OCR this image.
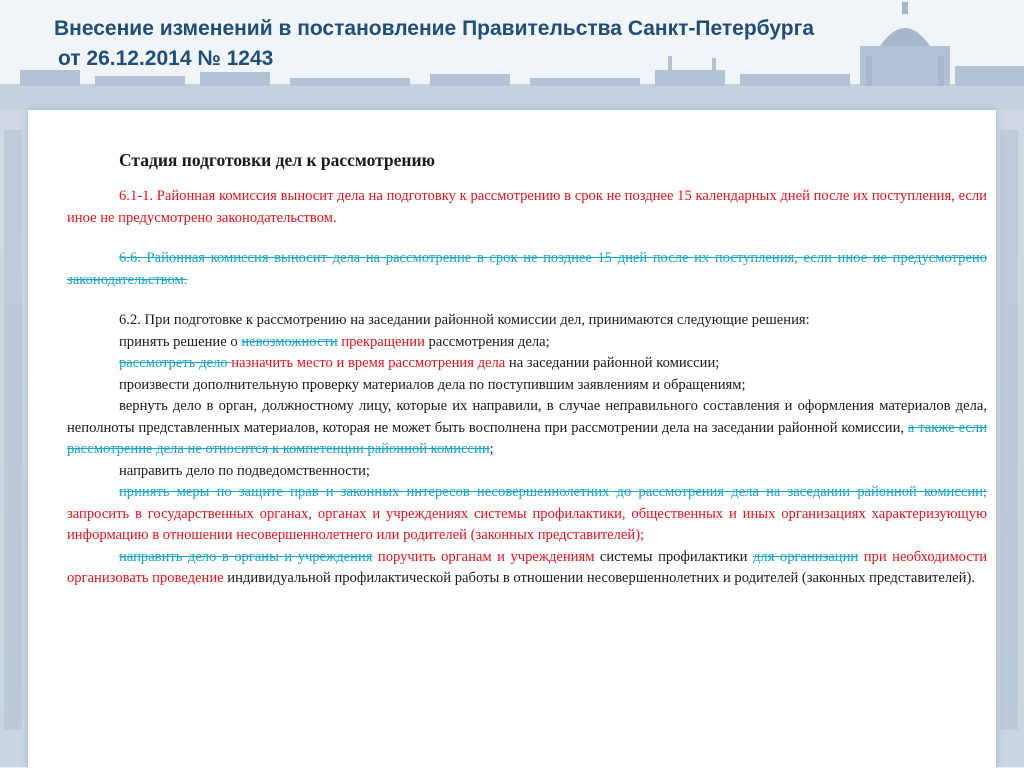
Внесение изменений в постановление Правительства Санкт-Петербурга
от 26.12.2014 № 1243
Стадия подготовки дел к рассмотрению

6.1-1. Районная комиссия выносит дела на подготовку к рассмотрению в срок не позднее 15 календарных дней после их поступления, если иное не предусмотрено законодательством.

6.6. Районная комиссия выносит дела на рассмотрение в срок не позднее 15 дней после их поступления, если иное не предусмотрено законодательством.

6.2. При подготовке к рассмотрению на заседании районной комиссии дел, принимаются следующие решения:

принять решение о невозможности прекращении рассмотрения дела;

рассмотреть дело назначить место и время рассмотрения дела на заседании районной комиссии;

произвести дополнительную проверку материалов дела по поступившим заявлениям и обращениям;

вернуть дело в орган, должностному лицу, которые их направили, в случае неправильного составления и оформления материалов дела, неполноты представленных материалов, которая не может быть восполнена при рассмотрении дела на заседании районной комиссии, а также если рассмотрение дела не относится к компетенции районной комиссии;

направить дело по подведомственности;

принять меры по защите прав и законных интересов несовершеннолетних до рассмотрения дела на заседании районной комиссии; запросить в государственных органах, органах и учреждениях системы профилактики, общественных и иных организациях характеризующую информацию в отношении несовершеннолетнего или родителей (законных представителей);

направить дело в органы и учреждения поручить органам и учреждениям системы профилактики для организации при необходимости организовать проведение индивидуальной профилактической работы в отношении несовершеннолетних и родителей (законных представителей).
